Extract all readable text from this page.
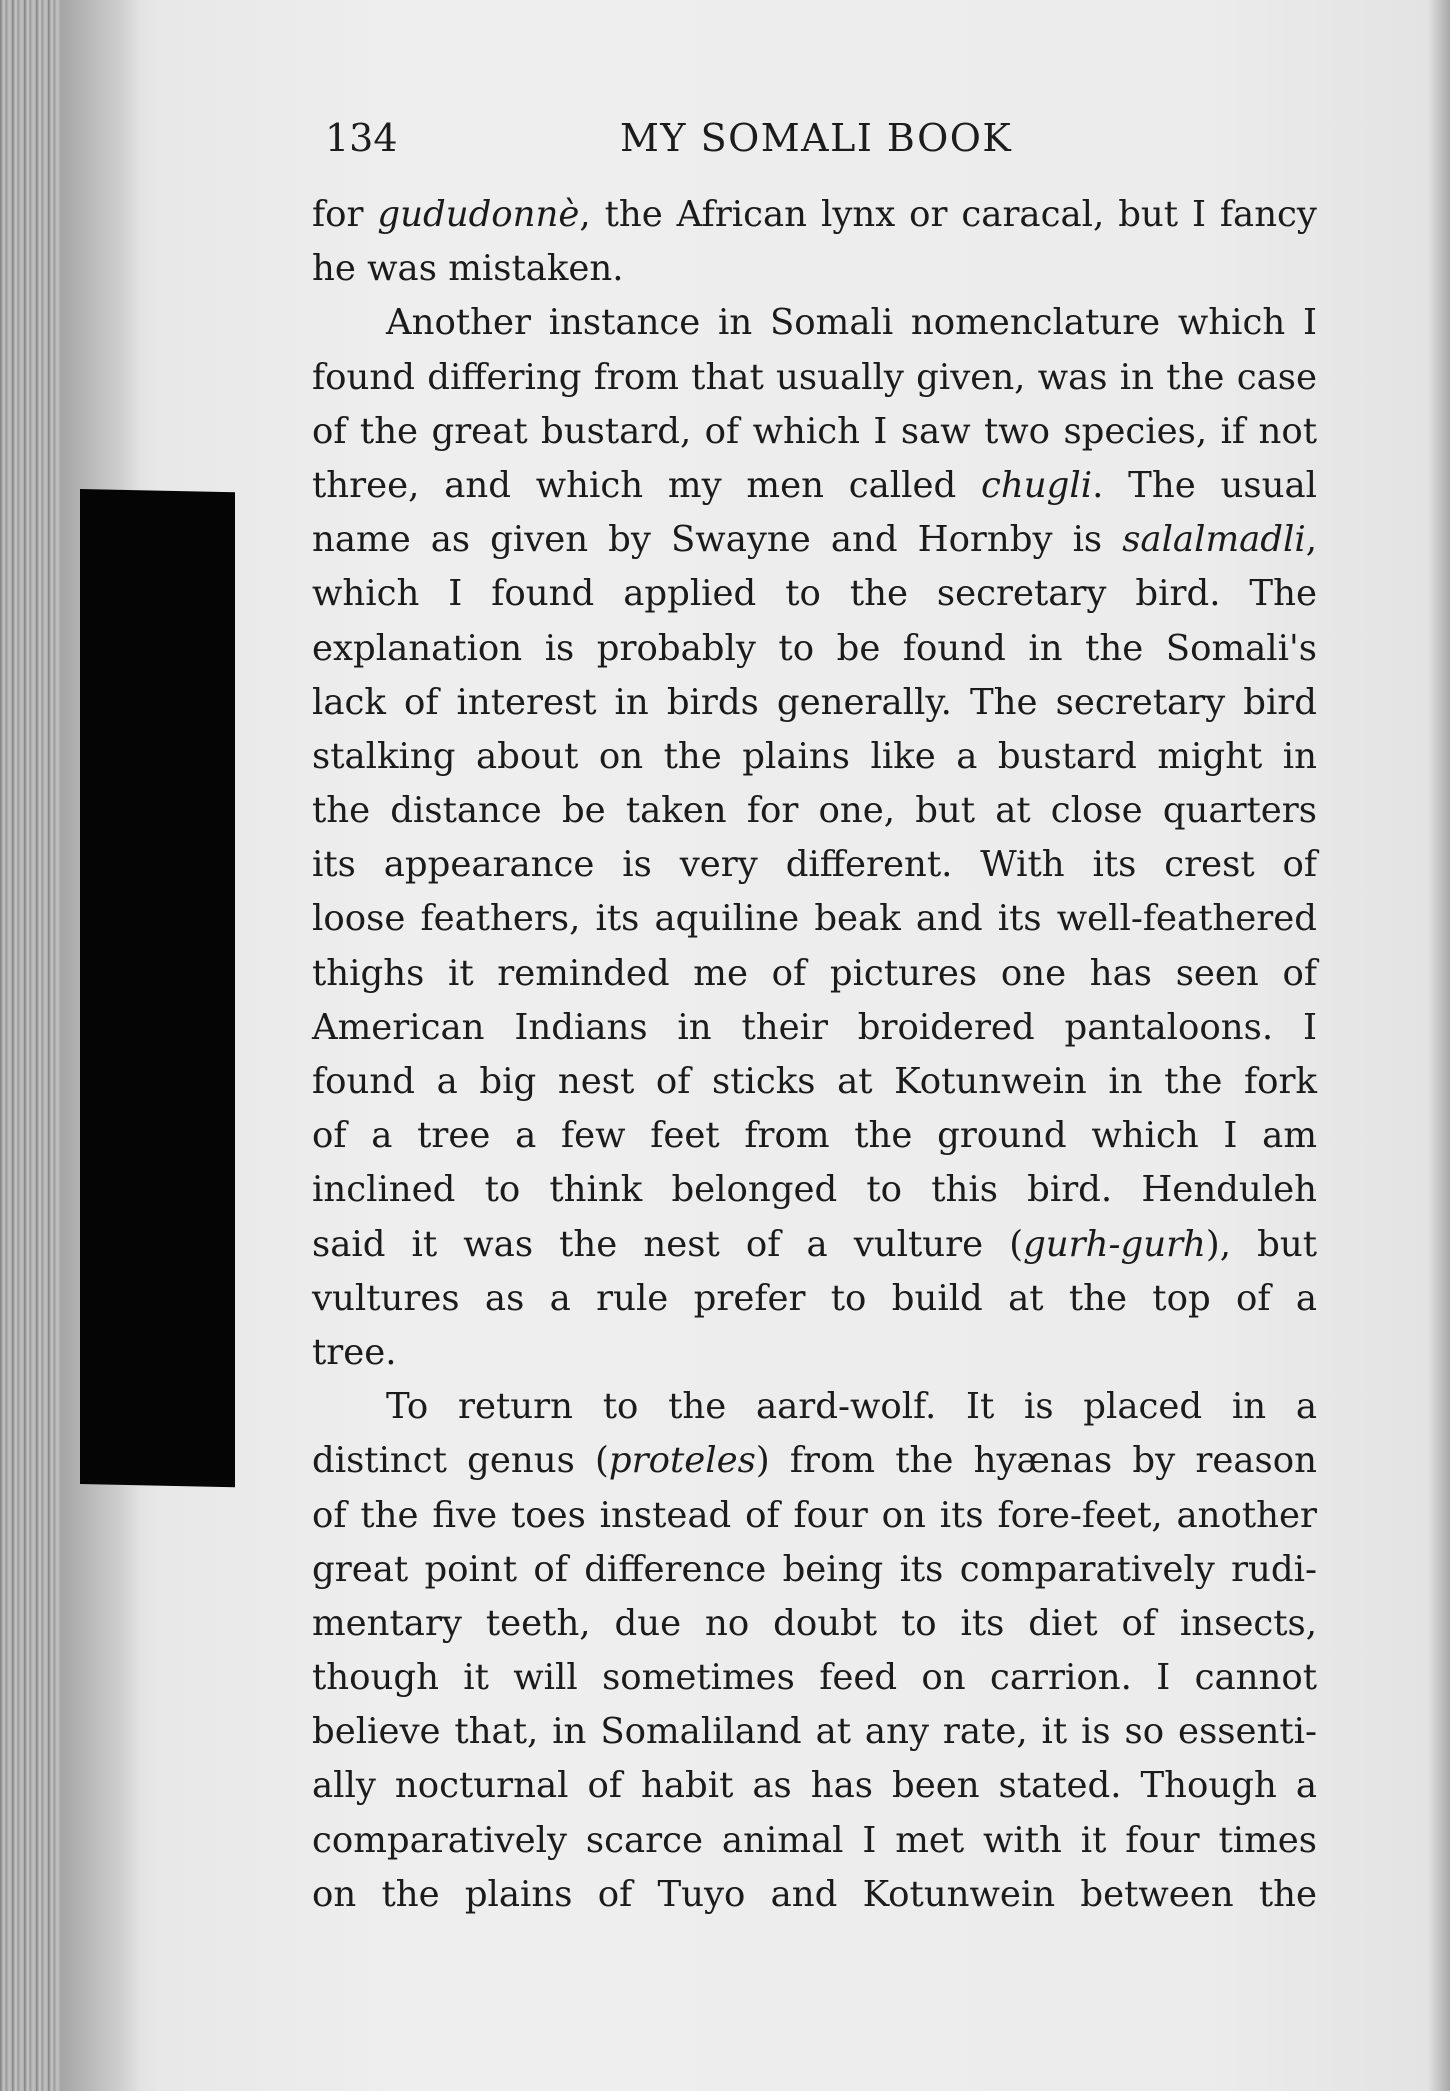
134	MY SOMALI BOOK
for gududonnè, the African lynx or caracal, but I fancy
he was mistaken.
Another instance in Somali nomenclature which I
found differing from that usually given, was in the case
of the great bustard, of which I saw two species, if not
three, and which my men called chugli. The usual
name as given by Swayne and Hornby is salalmadli,
which I found applied to the secretary bird. The
explanation is probably to be found in the Somali's
lack of interest in birds generally. The secretary bird
stalking about on the plains like a bustard might in
the distance be taken for one, but at close quarters
its appearance is very different. With its crest of
loose feathers, its aquiline beak and its well-feathered
thighs it reminded me of pictures one has seen of
American Indians in their broidered pantaloons. I
found a big nest of sticks at Kotunwein in the fork
of a tree a few feet from the ground which I am
inclined to think belonged to this bird. Henduleh
said it was the nest of a vulture (gurh-gurh), but
vultures as a rule prefer to build at the top of a
tree.
To return to the aard-wolf. It is placed in a
distinct genus (proteles) from the hyænas by reason
of the five toes instead of four on its fore-feet, another
great point of difference being its comparatively rudi-
mentary teeth, due no doubt to its diet of insects,
though it will sometimes feed on carrion. I cannot
believe that, in Somaliland at any rate, it is so essenti-
ally nocturnal of habit as has been stated. Though a
comparatively scarce animal I met with it four times
on the plains of Tuyo and Kotunwein between the
